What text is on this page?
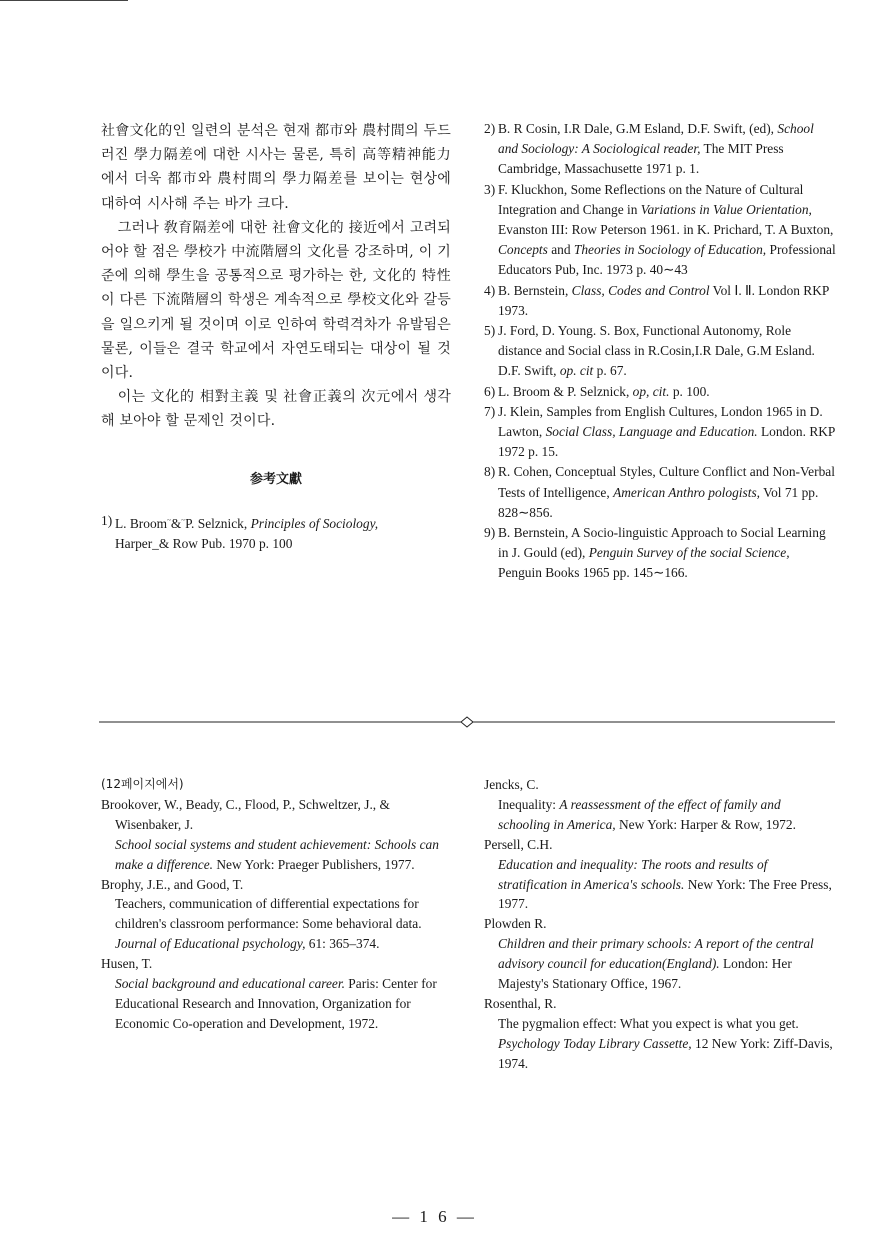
社會文化的인 일련의 분석은 현재 都市와 農村間의 두드러진 學力隔差에 대한 시사는 물론, 특히 高等精神能力에서 더욱 都市와 農村間의 學力隔差를 보이는 현상에 대하여 시사해 주는 바가 크다.

그러나 敎育隔差에 대한 社會文化的 接近에서 고려되어야 할 점은 學校가 中流階層의 文化를 강조하며, 이 기준에 의해 學生을 공통적으로 평가하는 한, 文化的 特性이 다른 下流階層의 학생은 계속적으로 學校文化와 갈등을 일으키게 될 것이며 이로 인하여 학력격차가 유발됨은 물론, 이들은 결국 학교에서 자연도태되는 대상이 될 것이다.

이는 文化的 相對主義 및 社會正義의 次元에서 생각해 보아야 할 문제인 것이다.

参考文獻
1) L. Broom~&~P. Selznick, Principles of Sociology,
Harper_& Row Pub. 1970 p. 100
2) B. R Cosin, I.R Dale, G.M Esland, D.F. Swift, (ed), School and Sociology: A Sociological reader, The MIT Press Cambridge, Massachusette 1971 p. 1.
3) F. Kluckhon, Some Reflections on the Nature of Cultural Integration and Change in Variations in Value Orientation, Evanston III: Row Peterson 1961. in K. Prichard, T. A Buxton, Concepts and Theories in Sociology of Education, Professional Educators Pub, Inc. 1973 p. 40∼43
4) B. Bernstein, Class, Codes and Control Vol Ⅰ. Ⅱ. London RKP 1973.
5) J. Ford, D. Young. S. Box, Functional Autonomy, Role distance and Social class in R.Cosin,I.R Dale, G.M Esland. D.F. Swift, op. cit p. 67.
6) L. Broom & P. Selznick, op, cit. p. 100.
7) J. Klein, Samples from English Cultures, London 1965 in D. Lawton, Social Class, Language and Education. London. RKP 1972 p. 15.
8) R. Cohen, Conceptual Styles, Culture Conflict and Non-Verbal Tests of Intelligence, American Anthro pologists, Vol 71 pp. 828∼856.
9) B. Bernstein, A Socio-linguistic Approach to Social Learning in J. Gould (ed), Penguin Survey of the social Science, Penguin Books 1965 pp. 145∼166.
(12페이지에서)
Brookover, W., Beady, C., Flood, P., Schweltzer, J., & Wisenbaker, J.
School social systems and student achievement: Schools can make a difference. New York: Praeger Publishers, 1977.
Brophy, J.E., and Good, T.
Teachers, communication of differential expectations for children's classroom performance: Some behavioral data. Journal of Educational psychology, 61: 365–374.
Husen, T.
Social background and educational career. Paris: Center for Educational Research and Innovation, Organization for Economic Co-operation and Development, 1972.
Jencks, C.
Inequality: A reassessment of the effect of family and schooling in America, New York: Harper & Row, 1972.
Persell, C.H.
Education and inequality: The roots and results of stratification in America's schools. New York: The Free Press, 1977.
Plowden R.
Children and their primary schools: A report of the central advisory council for education(England). London: Her Majesty's Stationary Office, 1967.
Rosenthal, R.
The pygmalion effect: What you expect is what you get. Psychology Today Library Cassette, 12 New York: Ziff-Davis, 1974.
— 1 6 —
